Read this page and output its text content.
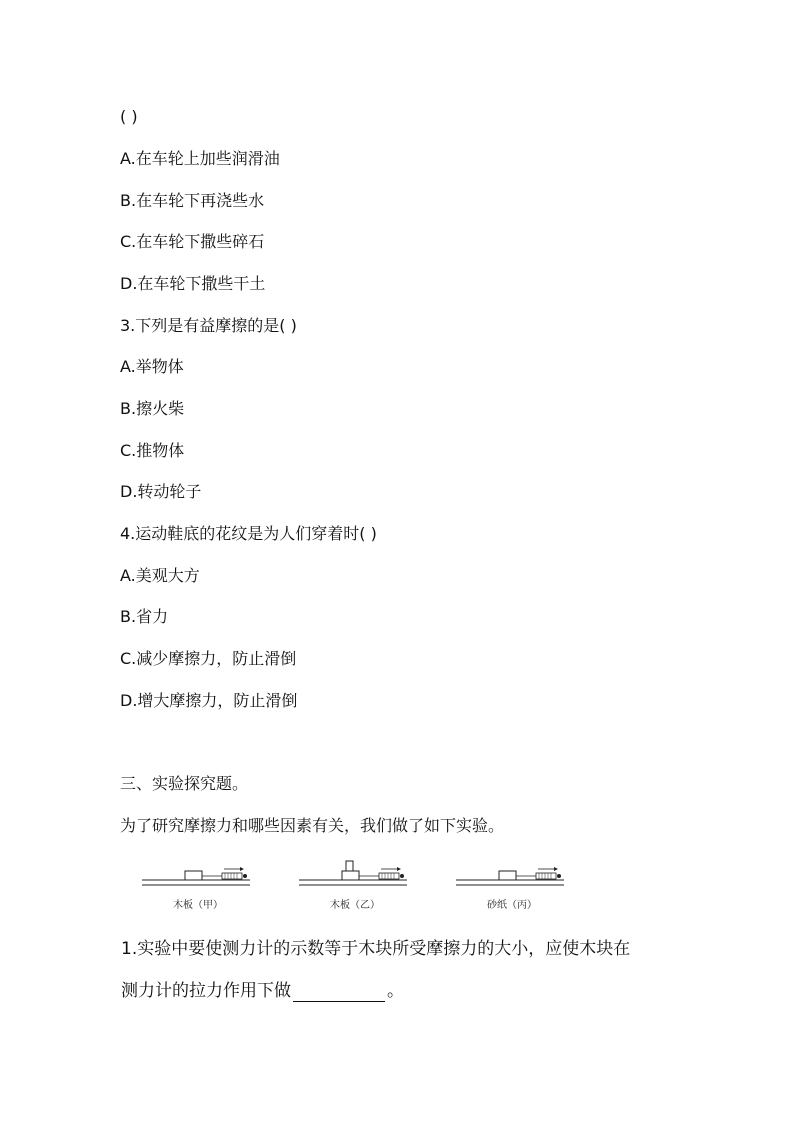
( )

A.在车轮上加些润滑油

B.在车轮下再浇些水

C.在车轮下撒些碎石

D.在车轮下撒些干土

3.下列是有益摩擦的是( )

A.举物体

B.擦火柴

C.推物体

D.转动轮子

4.运动鞋底的花纹是为人们穿着时( )

A.美观大方

B.省力

C.减少摩擦力，防止滑倒

D.增大摩擦力，防止滑倒

三、实验探究题。

为了研究摩擦力和哪些因素有关，我们做了如下实验。

木板（甲）	木板（乙）	砂纸（丙）

1.实验中要使测力计的示数等于木块所受摩擦力的大小，应使木块在

测力计的拉力作用下做	。
